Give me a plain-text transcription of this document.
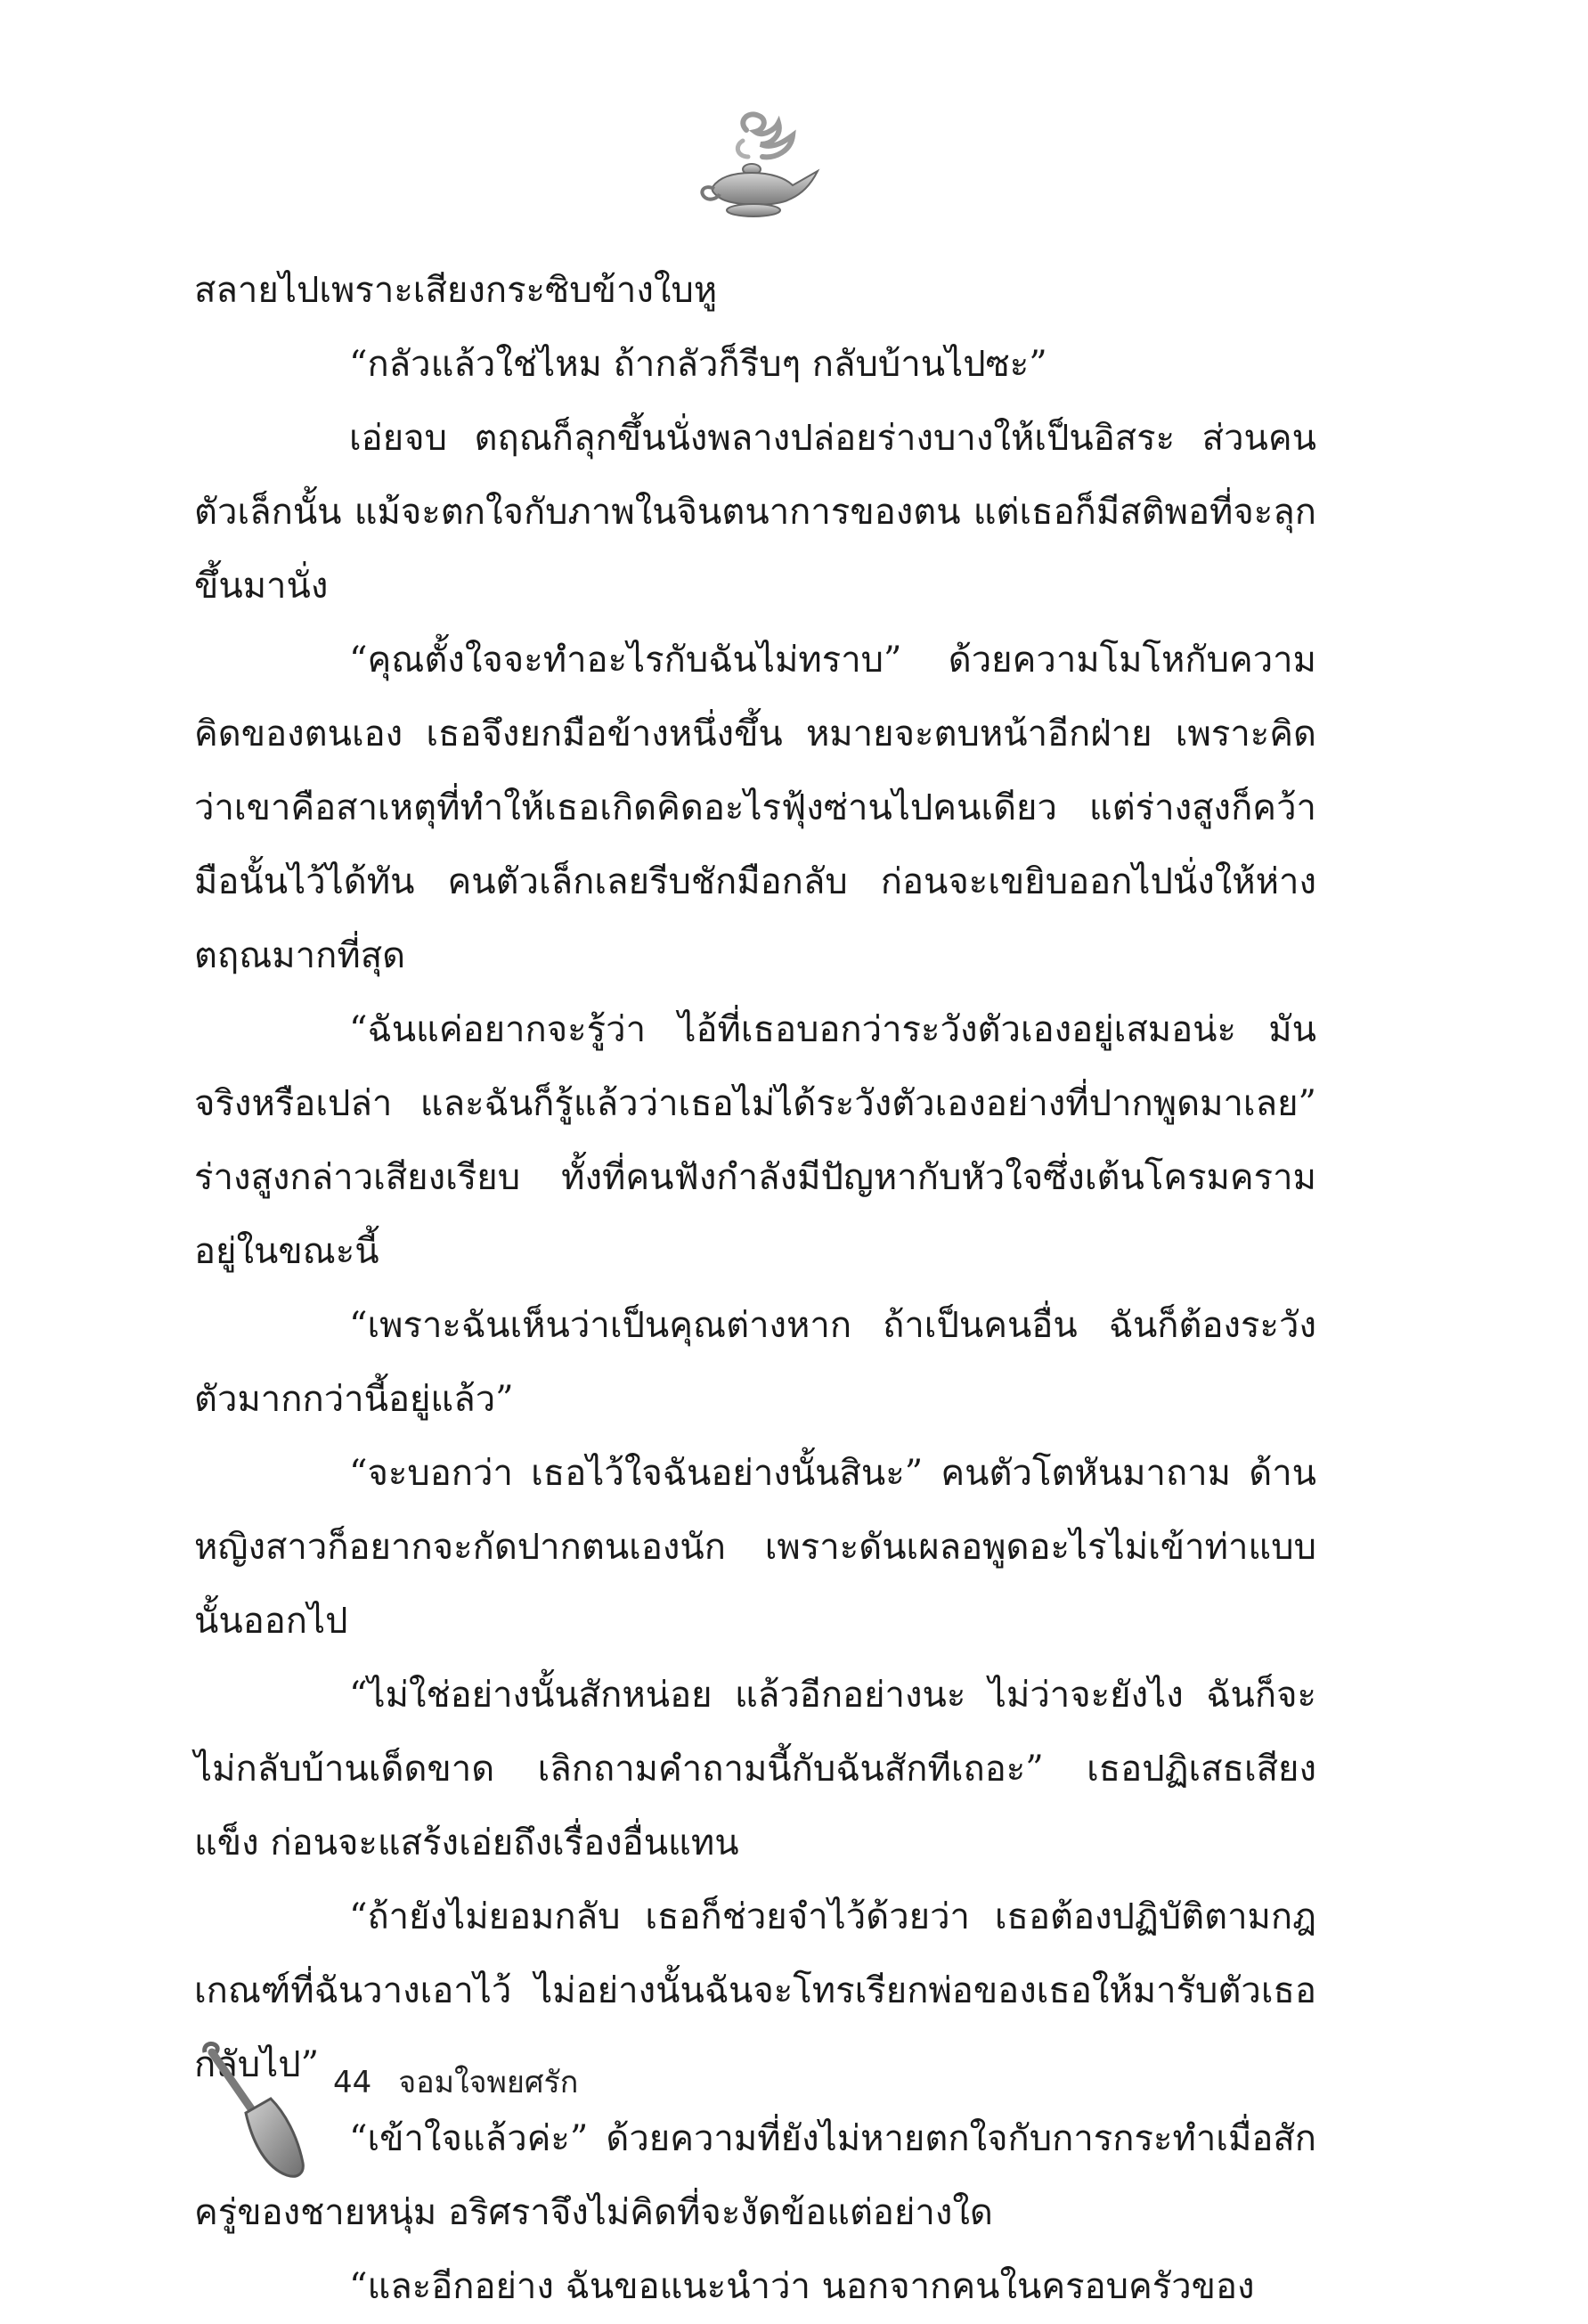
สลายไปเพราะเสียงกระซิบข้างใบหู

“กลัวแล้วใช่ไหม ถ้ากลัวก็รีบๆ กลับบ้านไปซะ”

เอ่ยจบ ตฤณก็ลุกขึ้นนั่งพลางปล่อยร่างบางให้เป็นอิสระ ส่วนคนตัวเล็กนั้น แม้จะตกใจกับภาพในจินตนาการของตน แต่เธอก็มีสติพอที่จะลุกขึ้นมานั่ง

“คุณตั้งใจจะทำอะไรกับฉันไม่ทราบ” ด้วยความโมโหกับความคิดของตนเอง เธอจึงยกมือข้างหนึ่งขึ้น หมายจะตบหน้าอีกฝ่าย เพราะคิดว่าเขาคือสาเหตุที่ทำให้เธอเกิดคิดอะไรฟุ้งซ่านไปคนเดียว แต่ร่างสูงก็คว้ามือนั้นไว้ได้ทัน คนตัวเล็กเลยรีบชักมือกลับ ก่อนจะเขยิบออกไปนั่งให้ห่างตฤณมากที่สุด

“ฉันแค่อยากจะรู้ว่า ไอ้ที่เธอบอกว่าระวังตัวเองอยู่เสมอน่ะ มันจริงหรือเปล่า และฉันก็รู้แล้วว่าเธอไม่ได้ระวังตัวเองอย่างที่ปากพูดมาเลย” ร่างสูงกล่าวเสียงเรียบ ทั้งที่คนฟังกำลังมีปัญหากับหัวใจซึ่งเต้นโครมครามอยู่ในขณะนี้

“เพราะฉันเห็นว่าเป็นคุณต่างหาก ถ้าเป็นคนอื่น ฉันก็ต้องระวังตัวมากกว่านี้อยู่แล้ว”

“จะบอกว่า เธอไว้ใจฉันอย่างนั้นสินะ” คนตัวโตหันมาถาม ด้านหญิงสาวก็อยากจะกัดปากตนเองนัก เพราะดันเผลอพูดอะไรไม่เข้าท่าแบบนั้นออกไป

“ไม่ใช่อย่างนั้นสักหน่อย แล้วอีกอย่างนะ ไม่ว่าจะยังไง ฉันก็จะไม่กลับบ้านเด็ดขาด เลิกถามคำถามนี้กับฉันสักทีเถอะ” เธอปฏิเสธเสียงแข็ง ก่อนจะแสร้งเอ่ยถึงเรื่องอื่นแทน

“ถ้ายังไม่ยอมกลับ เธอก็ช่วยจำไว้ด้วยว่า เธอต้องปฏิบัติตามกฎเกณฑ์ที่ฉันวางเอาไว้ ไม่อย่างนั้นฉันจะโทรเรียกพ่อของเธอให้มารับตัวเธอกลับไป”

“เข้าใจแล้วค่ะ” ด้วยความที่ยังไม่หายตกใจกับการกระทำเมื่อสักครู่ของชายหนุ่ม อริศราจึงไม่คิดที่จะงัดข้อแต่อย่างใด

“และอีกอย่าง ฉันขอแนะนำว่า นอกจากคนในครอบครัวของ

44 จอมใจพยศรัก
